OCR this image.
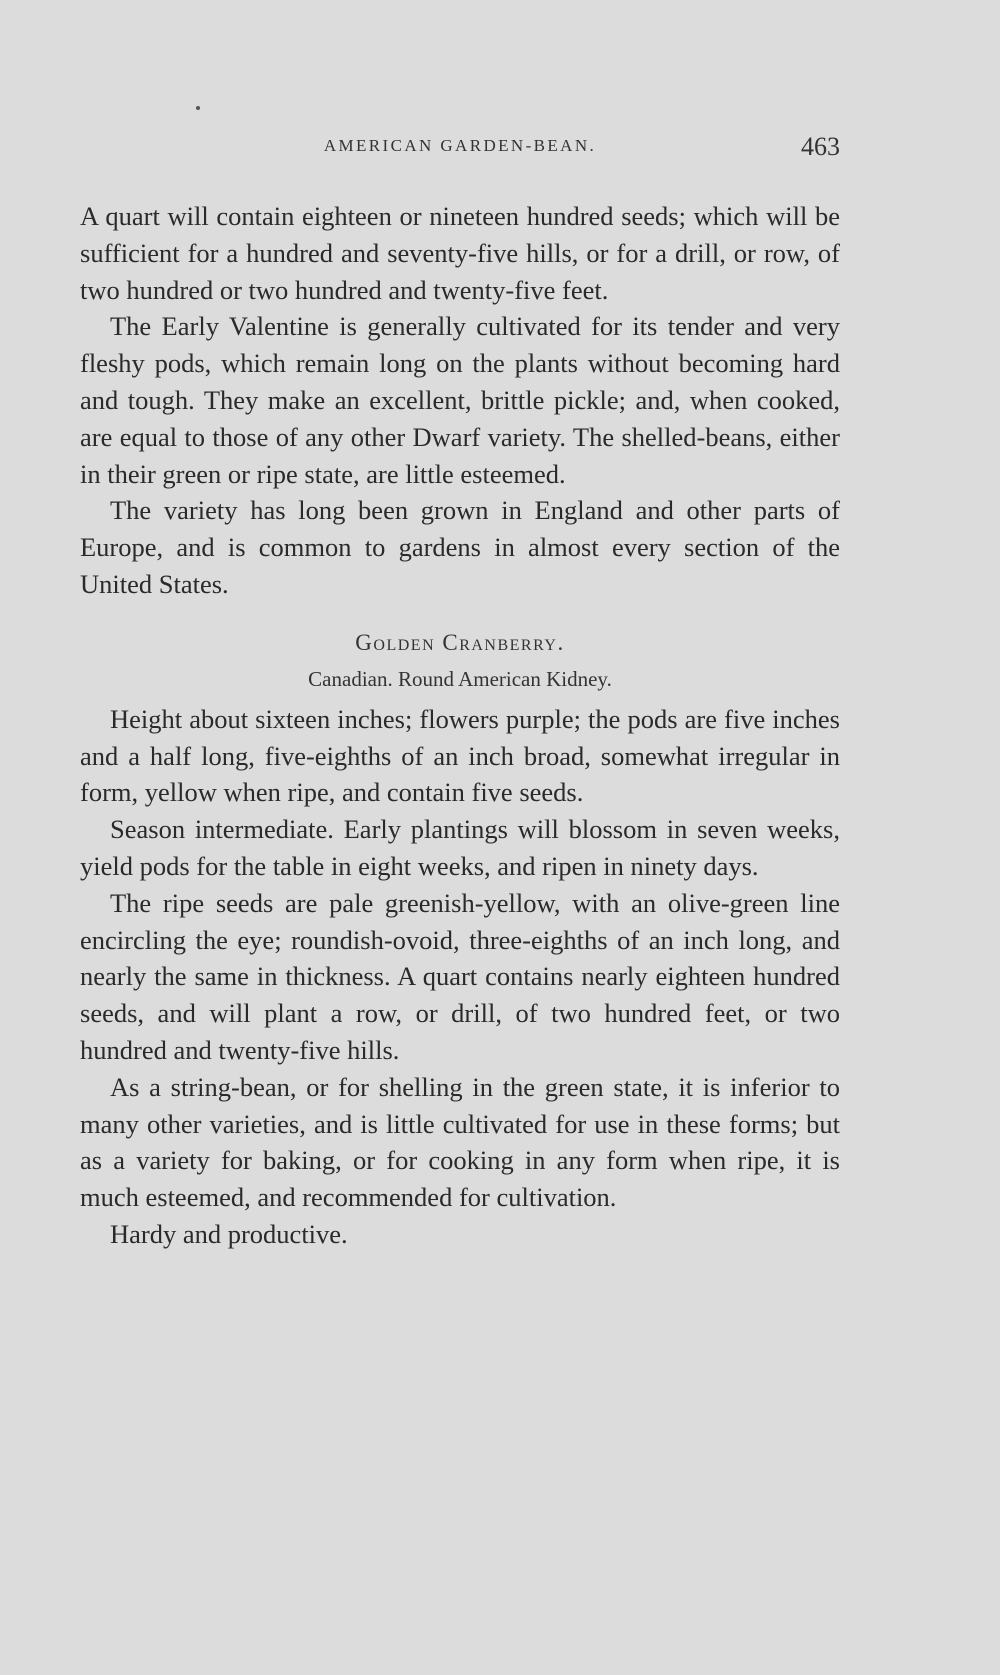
AMERICAN GARDEN-BEAN.	463

A quart will contain eighteen or nineteen hundred seeds; which will be sufficient for a hundred and seventy-five hills, or for a drill, or row, of two hundred or two hundred and twenty-five feet.

The Early Valentine is generally cultivated for its tender and very fleshy pods, which remain long on the plants without becoming hard and tough. They make an excellent, brittle pickle; and, when cooked, are equal to those of any other Dwarf variety. The shelled-beans, either in their green or ripe state, are little esteemed.

The variety has long been grown in England and other parts of Europe, and is common to gardens in almost every section of the United States.

Golden Cranberry.
Canadian. Round American Kidney.

Height about sixteen inches; flowers purple; the pods are five inches and a half long, five-eighths of an inch broad, somewhat irregular in form, yellow when ripe, and contain five seeds.

Season intermediate. Early plantings will blossom in seven weeks, yield pods for the table in eight weeks, and ripen in ninety days.

The ripe seeds are pale greenish-yellow, with an olive-green line encircling the eye; roundish-ovoid, three-eighths of an inch long, and nearly the same in thickness. A quart contains nearly eighteen hundred seeds, and will plant a row, or drill, of two hundred feet, or two hundred and twenty-five hills.

As a string-bean, or for shelling in the green state, it is inferior to many other varieties, and is little cultivated for use in these forms; but as a variety for baking, or for cooking in any form when ripe, it is much esteemed, and recommended for cultivation.

Hardy and productive.
